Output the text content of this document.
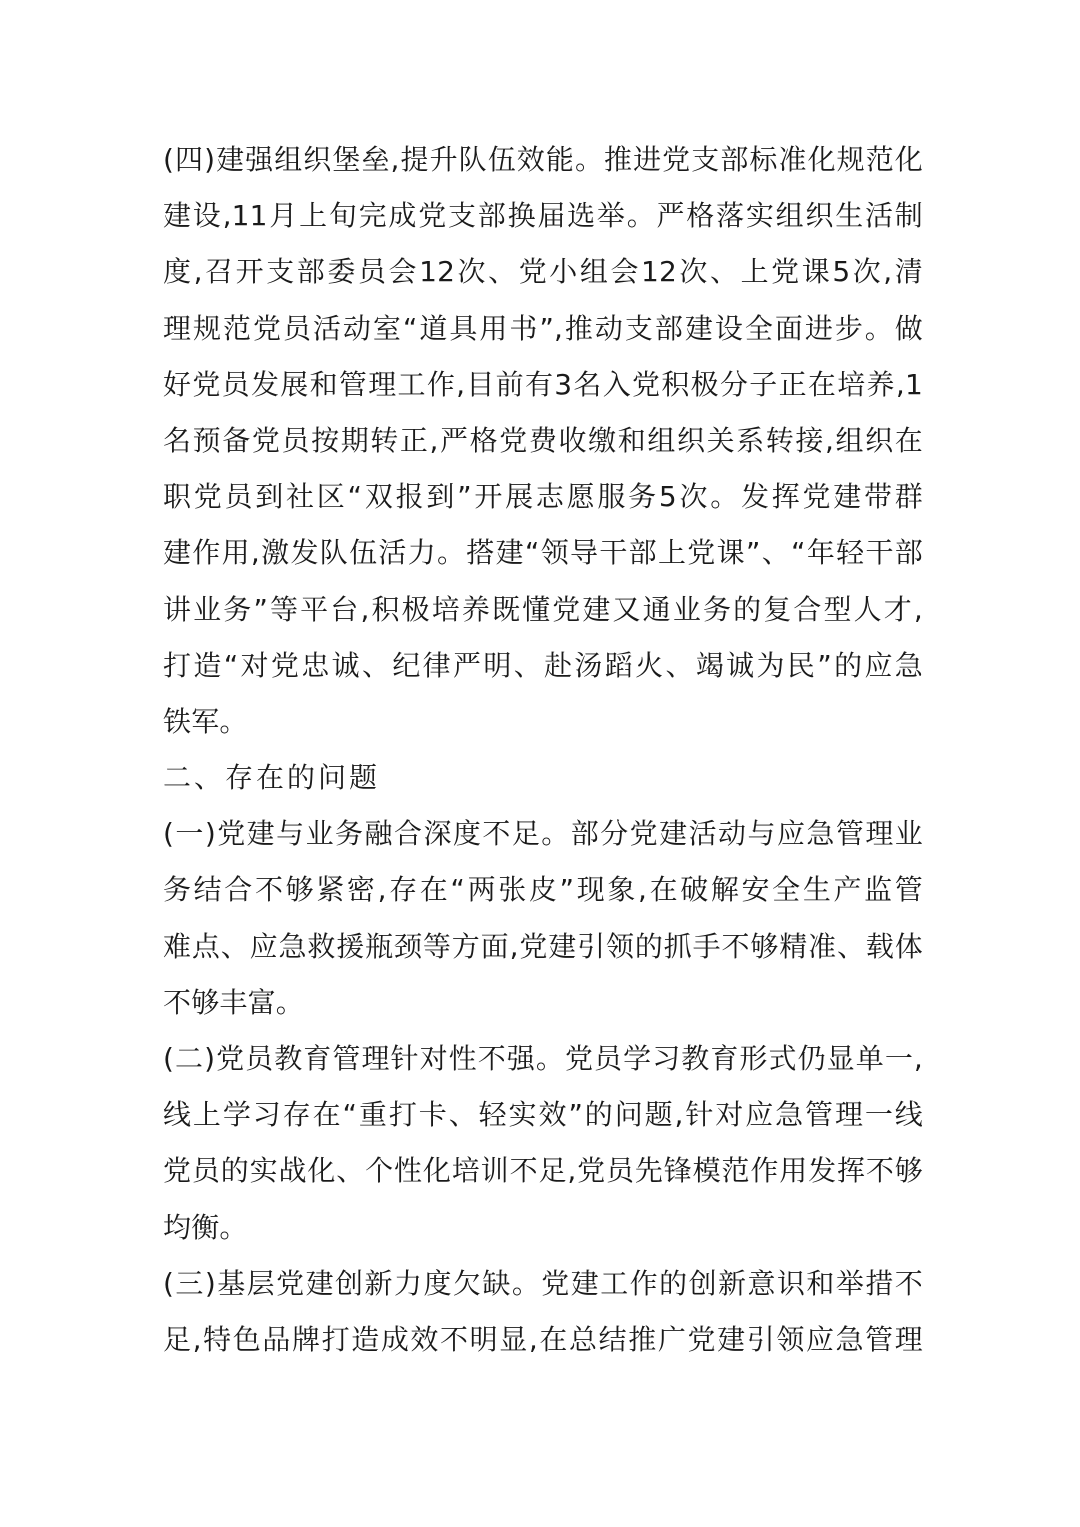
(四)建强组织堡垒,提升队伍效能。推进党支部标准化规范化
建设,11月上旬完成党支部换届选举。严格落实组织生活制
度,召开支部委员会12次、党小组会12次、上党课5次,清
理规范党员活动室“道具用书”,推动支部建设全面进步。做
好党员发展和管理工作,目前有3名入党积极分子正在培养,1
名预备党员按期转正,严格党费收缴和组织关系转接,组织在
职党员到社区“双报到”开展志愿服务5次。发挥党建带群
建作用,激发队伍活力。搭建“领导干部上党课”、“年轻干部
讲业务”等平台,积极培养既懂党建又通业务的复合型人才,
打造“对党忠诚、纪律严明、赴汤蹈火、竭诚为民”的应急
铁军。
二、存在的问题
(一)党建与业务融合深度不足。部分党建活动与应急管理业
务结合不够紧密,存在“两张皮”现象,在破解安全生产监管
难点、应急救援瓶颈等方面,党建引领的抓手不够精准、载体
不够丰富。
(二)党员教育管理针对性不强。党员学习教育形式仍显单一,
线上学习存在“重打卡、轻实效”的问题,针对应急管理一线
党员的实战化、个性化培训不足,党员先锋模范作用发挥不够
均衡。
(三)基层党建创新力度欠缺。党建工作的创新意识和举措不
足,特色品牌打造成效不明显,在总结推广党建引领应急管理
